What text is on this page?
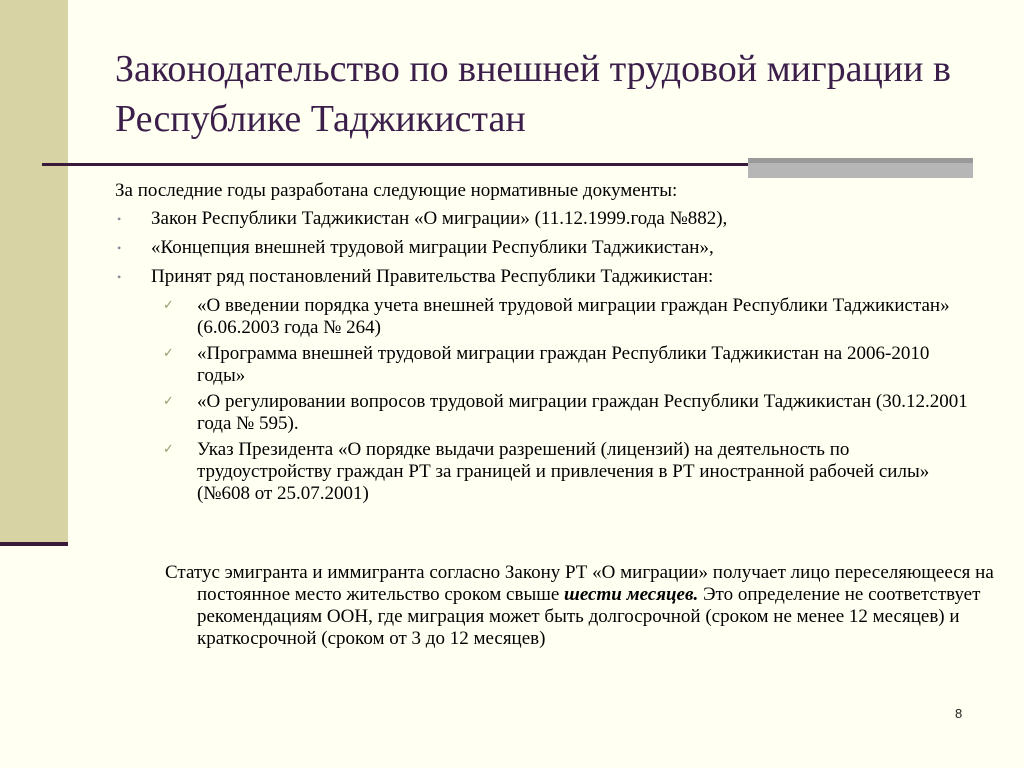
Законодательство по внешней трудовой миграции в Республике Таджикистан

За последние годы разработана следующие нормативные документы:

• Закон Республики Таджикистан «О миграции» (11.12.1999.года №882),
• «Концепция внешней трудовой миграции Республики Таджикистан»,
• Принят ряд постановлений Правительства Республики Таджикистан:
✓ «О введении порядка учета внешней трудовой миграции граждан Республики Таджикистан» (6.06.2003 года № 264)
✓ «Программа внешней трудовой миграции граждан Республики Таджикистан на 2006-2010 годы»
✓ «О регулировании вопросов трудовой миграции граждан Республики Таджикистан (30.12.2001 года № 595).
✓ Указ Президента «О порядке выдачи разрешений (лицензий) на деятельность по трудоустройству граждан РТ за границей и привлечения в РТ иностранной рабочей силы» (№608 от 25.07.2001)

Статус эмигранта и иммигранта согласно Закону РТ «О миграции» получает лицо переселяющееся на постоянное место жительство сроком свыше шести месяцев. Это определение не соответствует рекомендациям ООН, где миграция может быть долгосрочной (сроком не менее 12 месяцев) и краткосрочной (сроком от 3 до 12 месяцев)

8
